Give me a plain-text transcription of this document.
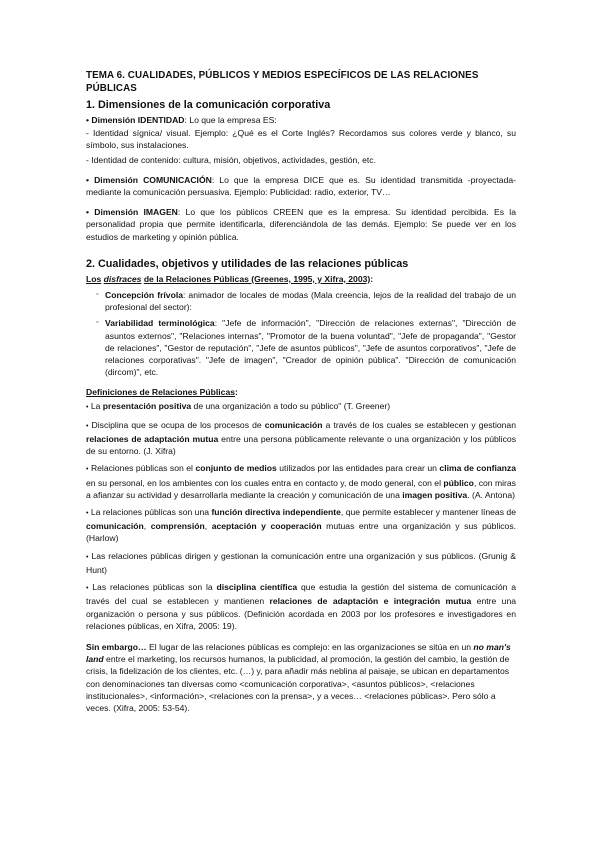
TEMA 6. CUALIDADES, PÚBLICOS Y MEDIOS ESPECÍFICOS DE LAS RELACIONES PÚBLICAS
1. Dimensiones de la comunicación corporativa

• Dimensión IDENTIDAD: Lo que la empresa ES:

- Identidad sígnica/ visual. Ejemplo: ¿Qué es el Corte Inglés? Recordamos sus colores verde y blanco, su símbolo, sus instalaciones.

- Identidad de contenido: cultura, misión, objetivos, actividades, gestión, etc.

• Dimensión COMUNICACIÓN: Lo que la empresa DICE que es. Su identidad transmitida -proyectada- mediante la comunicación persuasiva. Ejemplo: Publicidad: radio, exterior, TV…

• Dimensión IMAGEN: Lo que los públicos CREEN que es la empresa. Su identidad percibida. Es la personalidad propia que permite identificarla, diferenciándola de las demás. Ejemplo: Se puede ver en los estudios de marketing y opinión pública.

2. Cualidades, objetivos y utilidades de las relaciones públicas

Los disfraces de la Relaciones Públicas (Greenes, 1995, y Xifra, 2003):

◦ Concepción frívola: animador de locales de modas (Mala creencia, lejos de la realidad del trabajo de un profesional del sector):

◦ Variabilidad terminológica: "Jefe de información", "Dirección de relaciones externas", "Dirección de asuntos externos", "Relaciones internas", "Promotor de la buena voluntad", "Jefe de propaganda", "Gestor de relaciones", "Gestor de reputación", "Jefe de asuntos públicos", "Jefe de asuntos corporativos", "Jefe de relaciones corporativas". "Jefe de imagen", "Creador de opinión pública". "Dirección de comunicación (dircom)", etc.

Definiciones de Relaciones Públicas:

• La presentación positiva de una organización a todo su público" (T. Greener)

• Disciplina que se ocupa de los procesos de comunicación a través de los cuales se establecen y gestionan relaciones de adaptación mutua entre una persona públicamente relevante o una organización y los públicos de su entorno. (J. Xifra)

• Relaciones públicas son el conjunto de medios utilizados por las entidades para crear un clima de confianza en su personal, en los ambientes con los cuales entra en contacto y, de modo general, con el público, con miras a afianzar su actividad y desarrollarla mediante la creación y comunicación de una imagen positiva. (A. Antona)

• La relaciones públicas son una función directiva independiente, que permite establecer y mantener líneas de comunicación, comprensión, aceptación y cooperación mutuas entre una organización y sus públicos. (Harlow)

• Las relaciones públicas dirigen y gestionan la comunicación entre una organización y sus públicos. (Grunig & Hunt)

• Las relaciones públicas son la disciplina científica que estudia la gestión del sistema de comunicación a través del cual se establecen y mantienen relaciones de adaptación e integración mutua entre una organización o persona y sus públicos. (Definición acordada en 2003 por los profesores e investigadores en relaciones públicas, en Xifra, 2005: 19).

Sin embargo… El lugar de las relaciones públicas es complejo: en las organizaciones se sitúa en un no man's land entre el marketing, los recursos humanos, la publicidad, al promoción, la gestión del cambio, la gestión de crisis, la fidelización de los clientes, etc. (…) y, para añadir más neblina al paisaje, se ubican en departamentos con denominaciones tan diversas como <comunicación corporativa>, <asuntos públicos>, <relaciones institucionales>, <información>, <relaciones con la prensa>, y a veces… <relaciones públicas>. Pero sólo a veces. (Xifra, 2005: 53-54).
